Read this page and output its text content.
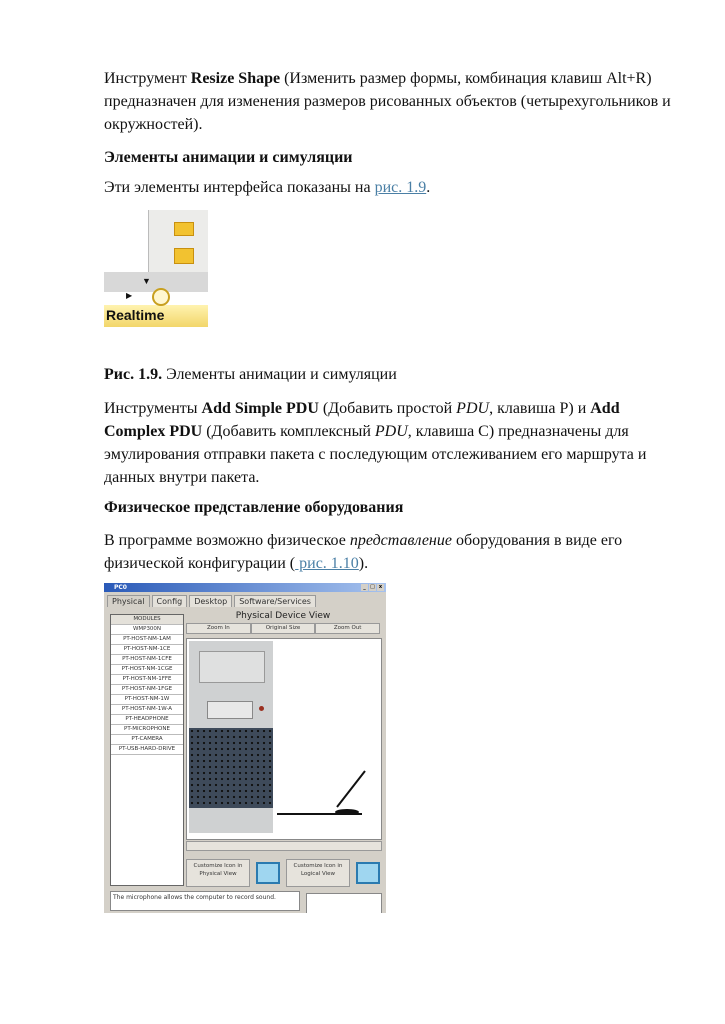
Инструмент Resize Shape (Изменить размер формы, комбинация клавиш Alt+R) предназначен для изменения размеров рисованных объектов (четырехугольников и окружностей).

Элементы анимации и симуляции

Эти элементы интерфейса показаны на рис. 1.9.

▼
▶
Realtime

Рис. 1.9. Элементы анимации и симуляции

Инструменты Add Simple PDU (Добавить простой PDU, клавиша P) и Add Complex PDU (Добавить комплексный PDU, клавиша C) предназначены для эмулирования отправки пакета с последующим отслеживанием его маршрута и данных внутри пакета.

Физическое представление оборудования

В программе возможно физическое представление оборудования в виде его физической конфигурации ( рис. 1.10).

PC0	_ □ x
Physical	Config	Desktop	Software/Services
MODULES
WMP300N
PT-HOST-NM-1AM
PT-HOST-NM-1CE
PT-HOST-NM-1CFE
PT-HOST-NM-1CGE
PT-HOST-NM-1FFE
PT-HOST-NM-1FGE
PT-HOST-NM-1W
PT-HOST-NM-1W-A
PT-HEADPHONE
PT-MICROPHONE
PT-CAMERA
PT-USB-HARD-DRIVE
Physical Device View
Zoom In	Original Size	Zoom Out
Customize Icon in Physical View
Customize Icon in Logical View
The microphone allows the computer to record sound.
